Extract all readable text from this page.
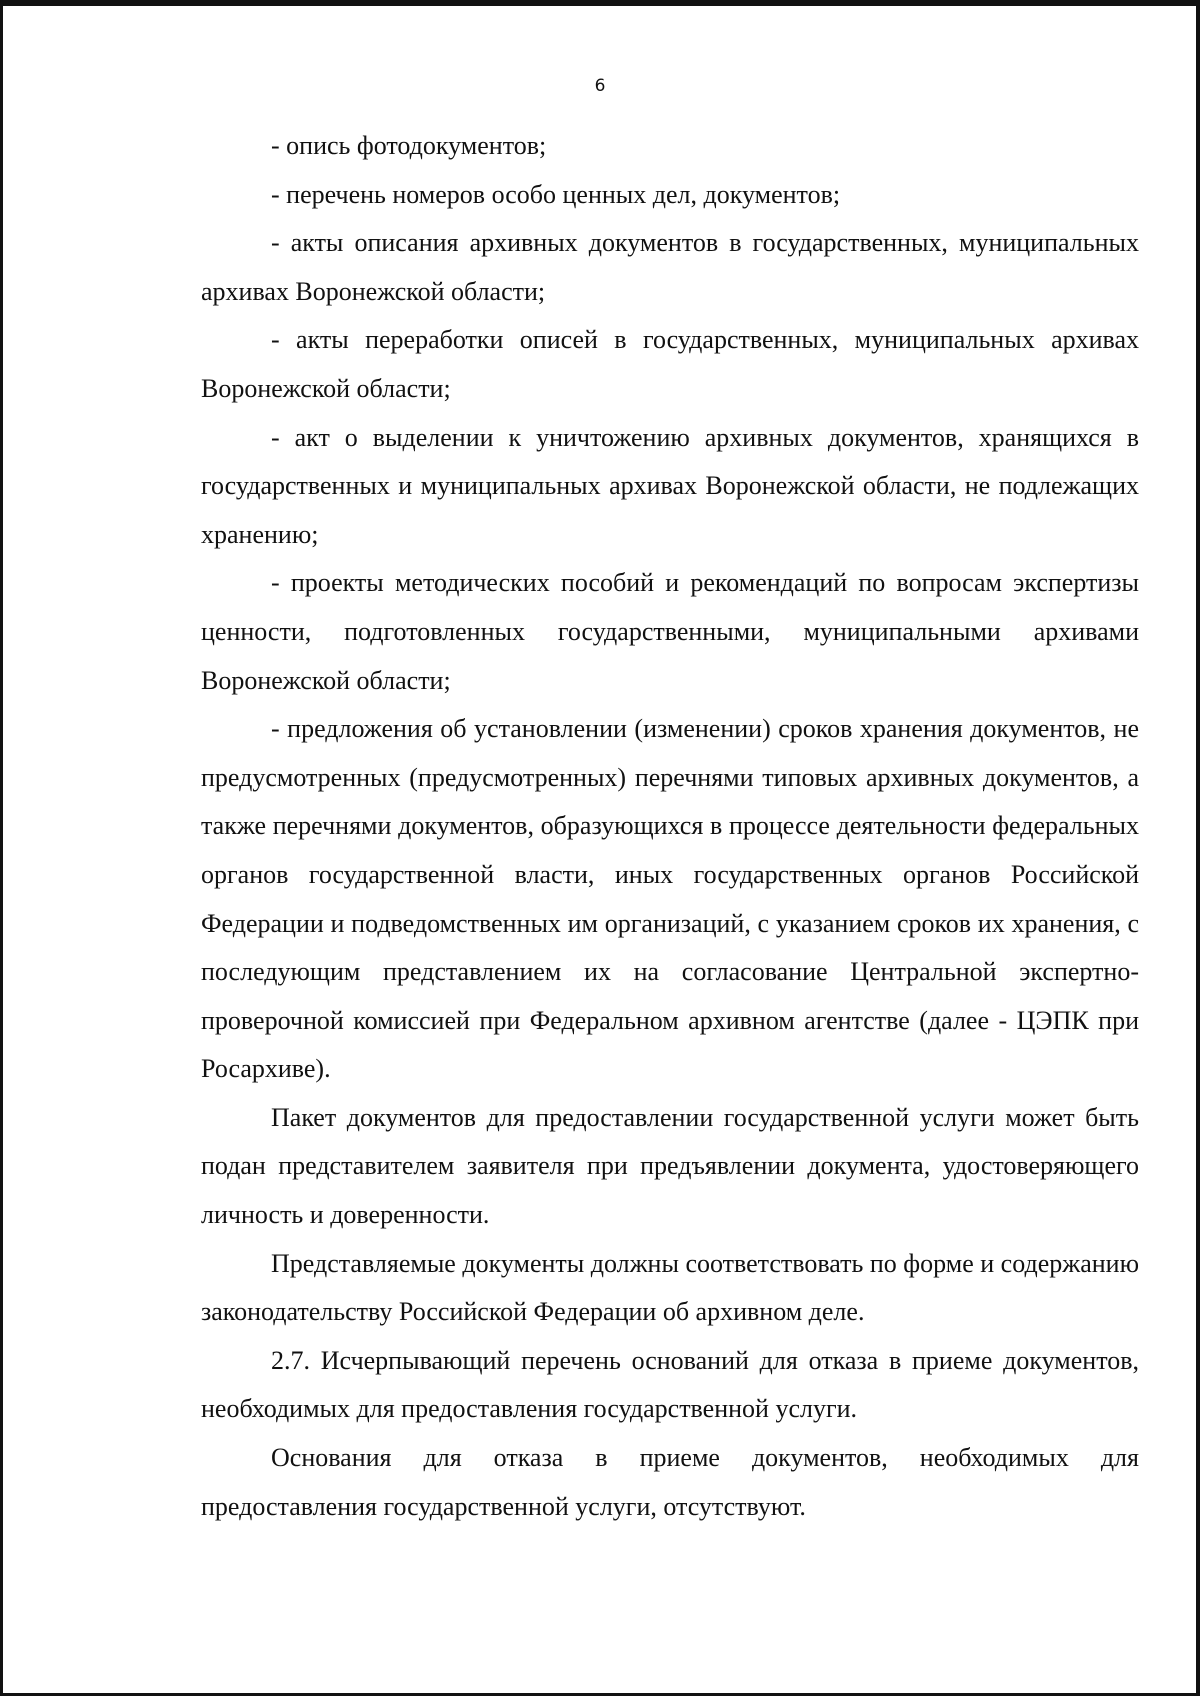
6

- опись фотодокументов;

- перечень номеров особо ценных дел, документов;

- акты описания архивных документов в государственных, муниципальных архивах Воронежской области;

- акты переработки описей в государственных, муниципальных архивах Воронежской области;

- акт о выделении к уничтожению архивных документов, хранящихся в государственных и муниципальных архивах Воронежской области, не подлежащих хранению;

- проекты методических пособий и рекомендаций по вопросам экспертизы ценности, подготовленных государственными, муниципальными архивами Воронежской области;

- предложения об установлении (изменении) сроков хранения документов, не предусмотренных (предусмотренных) перечнями типовых архивных документов, а также перечнями документов, образующихся в процессе деятельности федеральных органов государственной власти, иных государственных органов Российской Федерации и подведомственных им организаций, с указанием сроков их хранения, с последующим представлением их на согласование Центральной экспертно-проверочной комиссией при Федеральном архивном агентстве (далее - ЦЭПК при Росархиве).

Пакет документов для предоставлении государственной услуги может быть подан представителем заявителя при предъявлении документа, удостоверяющего личность и доверенности.

Представляемые документы должны соответствовать по форме и содержанию законодательству Российской Федерации об архивном деле.

2.7. Исчерпывающий перечень оснований для отказа в приеме документов, необходимых для предоставления государственной услуги.

Основания для отказа в приеме документов, необходимых для предоставления государственной услуги, отсутствуют.
